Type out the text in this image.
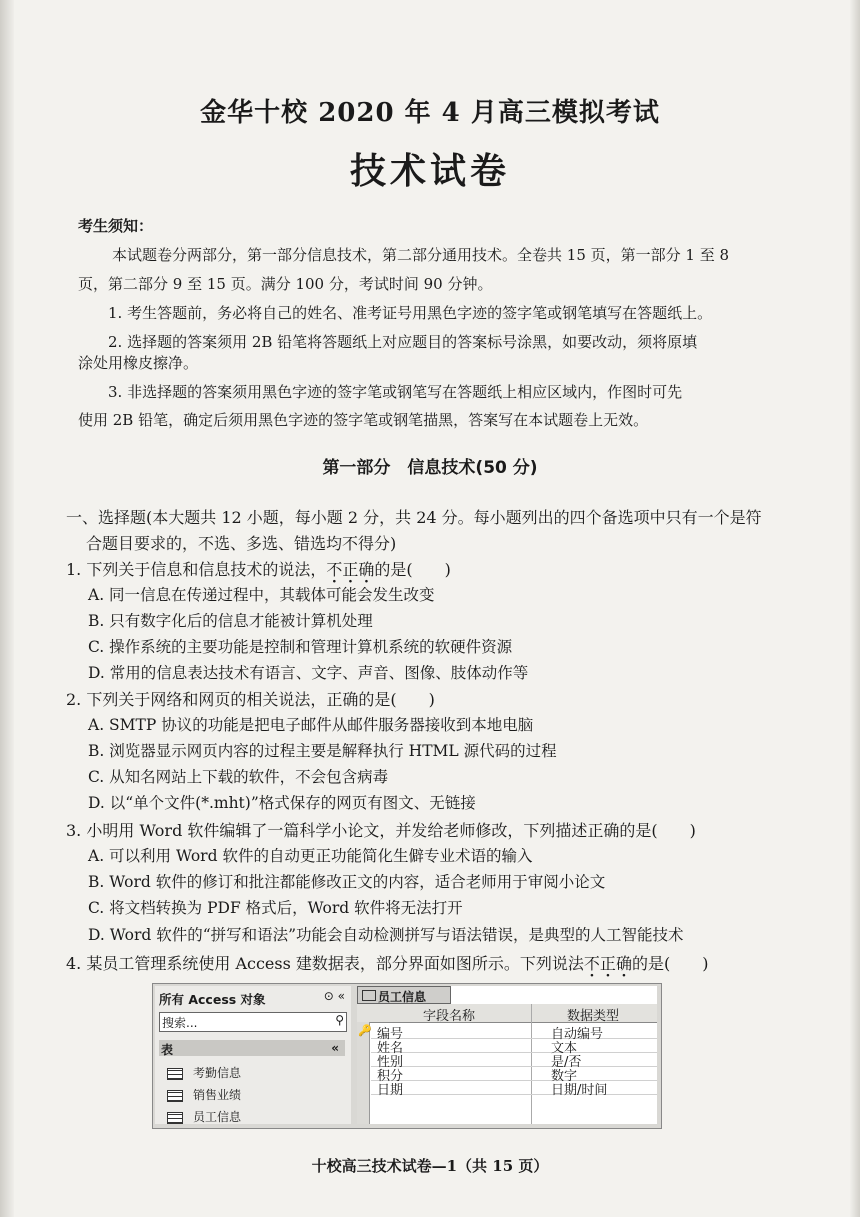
金华十校 2020 年 4 月高三模拟考试
技术试卷
考生须知：
本试题卷分两部分，第一部分信息技术，第二部分通用技术。全卷共 15 页，第一部分 1 至 8
页，第二部分 9 至 15 页。满分 100 分，考试时间 90 分钟。
1. 考生答题前，务必将自己的姓名、准考证号用黑色字迹的签字笔或钢笔填写在答题纸上。
2. 选择题的答案须用 2B 铅笔将答题纸上对应题目的答案标号涂黑，如要改动，须将原填
涂处用橡皮擦净。
3. 非选择题的答案须用黑色字迹的签字笔或钢笔写在答题纸上相应区域内，作图时可先
使用 2B 铅笔，确定后须用黑色字迹的签字笔或钢笔描黑，答案写在本试题卷上无效。
第一部分　信息技术(50 分)
一、选择题(本大题共 12 小题，每小题 2 分，共 24 分。每小题列出的四个备选项中只有一个是符
合题目要求的，不选、多选、错选均不得分)
1. 下列关于信息和信息技术的说法，不正确的是(　　)
A. 同一信息在传递过程中，其载体可能会发生改变
B. 只有数字化后的信息才能被计算机处理
C. 操作系统的主要功能是控制和管理计算机系统的软硬件资源
D. 常用的信息表达技术有语言、文字、声音、图像、肢体动作等
2. 下列关于网络和网页的相关说法，正确的是(　　)
A. SMTP 协议的功能是把电子邮件从邮件服务器接收到本地电脑
B. 浏览器显示网页内容的过程主要是解释执行 HTML 源代码的过程
C. 从知名网站上下载的软件，不会包含病毒
D. 以“单个文件(*.mht)”格式保存的网页有图文、无链接
3. 小明用 Word 软件编辑了一篇科学小论文，并发给老师修改，下列描述正确的是(　　)
A. 可以利用 Word 软件的自动更正功能简化生僻专业术语的输入
B. Word 软件的修订和批注都能修改正文的内容，适合老师用于审阅小论文
C. 将文档转换为 PDF 格式后，Word 软件将无法打开
D. Word 软件的“拼写和语法”功能会自动检测拼写与语法错误，是典型的人工智能技术
4. 某员工管理系统使用 Access 建数据表，部分界面如图所示。下列说法不正确的是(　　)
所有 Access 对象	⊙ «
搜索...	⚲
表	«
考勤信息
销售业绩
员工信息
员工信息
字段名称	数据类型
🔑 编号	自动编号
姓名	文本
性别	是/否
积分	数字
日期	日期/时间
十校高三技术试卷—1（共 15 页）
